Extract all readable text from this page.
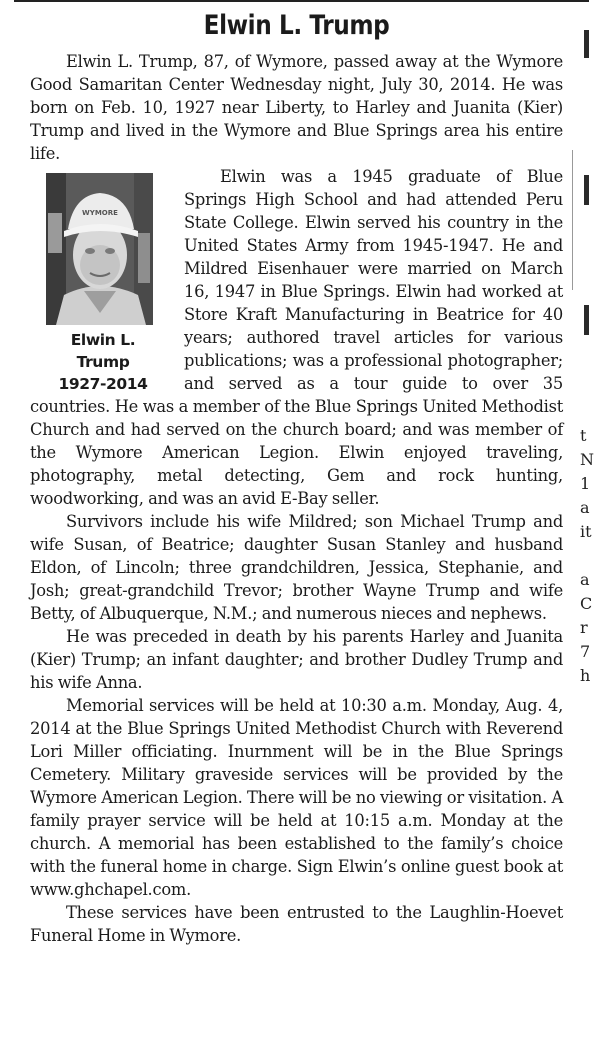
Elwin L. Trump

Elwin L. Trump, 87, of Wymore, passed away at the Wymore Good Samaritan Center Wednesday night, July 30, 2014. He was born on Feb. 10, 1927 near Liberty, to Harley and Juanita (Kier) Trump and lived in the Wymore and Blue Springs area his entire life.

WYMORE
Elwin L.
Trump
1927-2014

Elwin was a 1945 graduate of Blue Springs High School and had attended Peru State College. Elwin served his country in the United States Army from 1945-1947. He and Mildred Eisenhauer were married on March 16, 1947 in Blue Springs. Elwin had worked at Store Kraft Manufacturing in Beatrice for 40 years; authored travel articles for various publications; was a professional photographer; and served as a tour guide to over 35 countries. He was a member of the Blue Springs United Methodist Church and had served on the church board; and was member of the Wymore American Legion. Elwin enjoyed traveling, photography, metal detecting, Gem and rock hunting, woodworking, and was an avid E-Bay seller.

Survivors include his wife Mildred; son Michael Trump and wife Susan, of Beatrice; daughter Susan Stanley and husband Eldon, of Lincoln; three grandchildren, Jessica, Stephanie, and Josh; great-grandchild Trevor; brother Wayne Trump and wife Betty, of Albuquerque, N.M.; and numerous nieces and nephews.

He was preceded in death by his parents Harley and Juanita (Kier) Trump; an infant daughter; and brother Dudley Trump and his wife Anna.

Memorial services will be held at 10:30 a.m. Monday, Aug. 4, 2014 at the Blue Springs United Methodist Church with Reverend Lori Miller officiating. Inurnment will be in the Blue Springs Cemetery. Military graveside services will be provided by the Wymore American Legion. There will be no viewing or visitation. A family prayer service will be held at 10:15 a.m. Monday at the church. A memorial has been established to the family’s choice with the funeral home in charge. Sign Elwin’s online guest book at www.ghchapel.com.

These services have been entrusted to the Laughlin-Hoevet Funeral Home in Wymore.

t
N
1
a
it
a
C
r
7
h
